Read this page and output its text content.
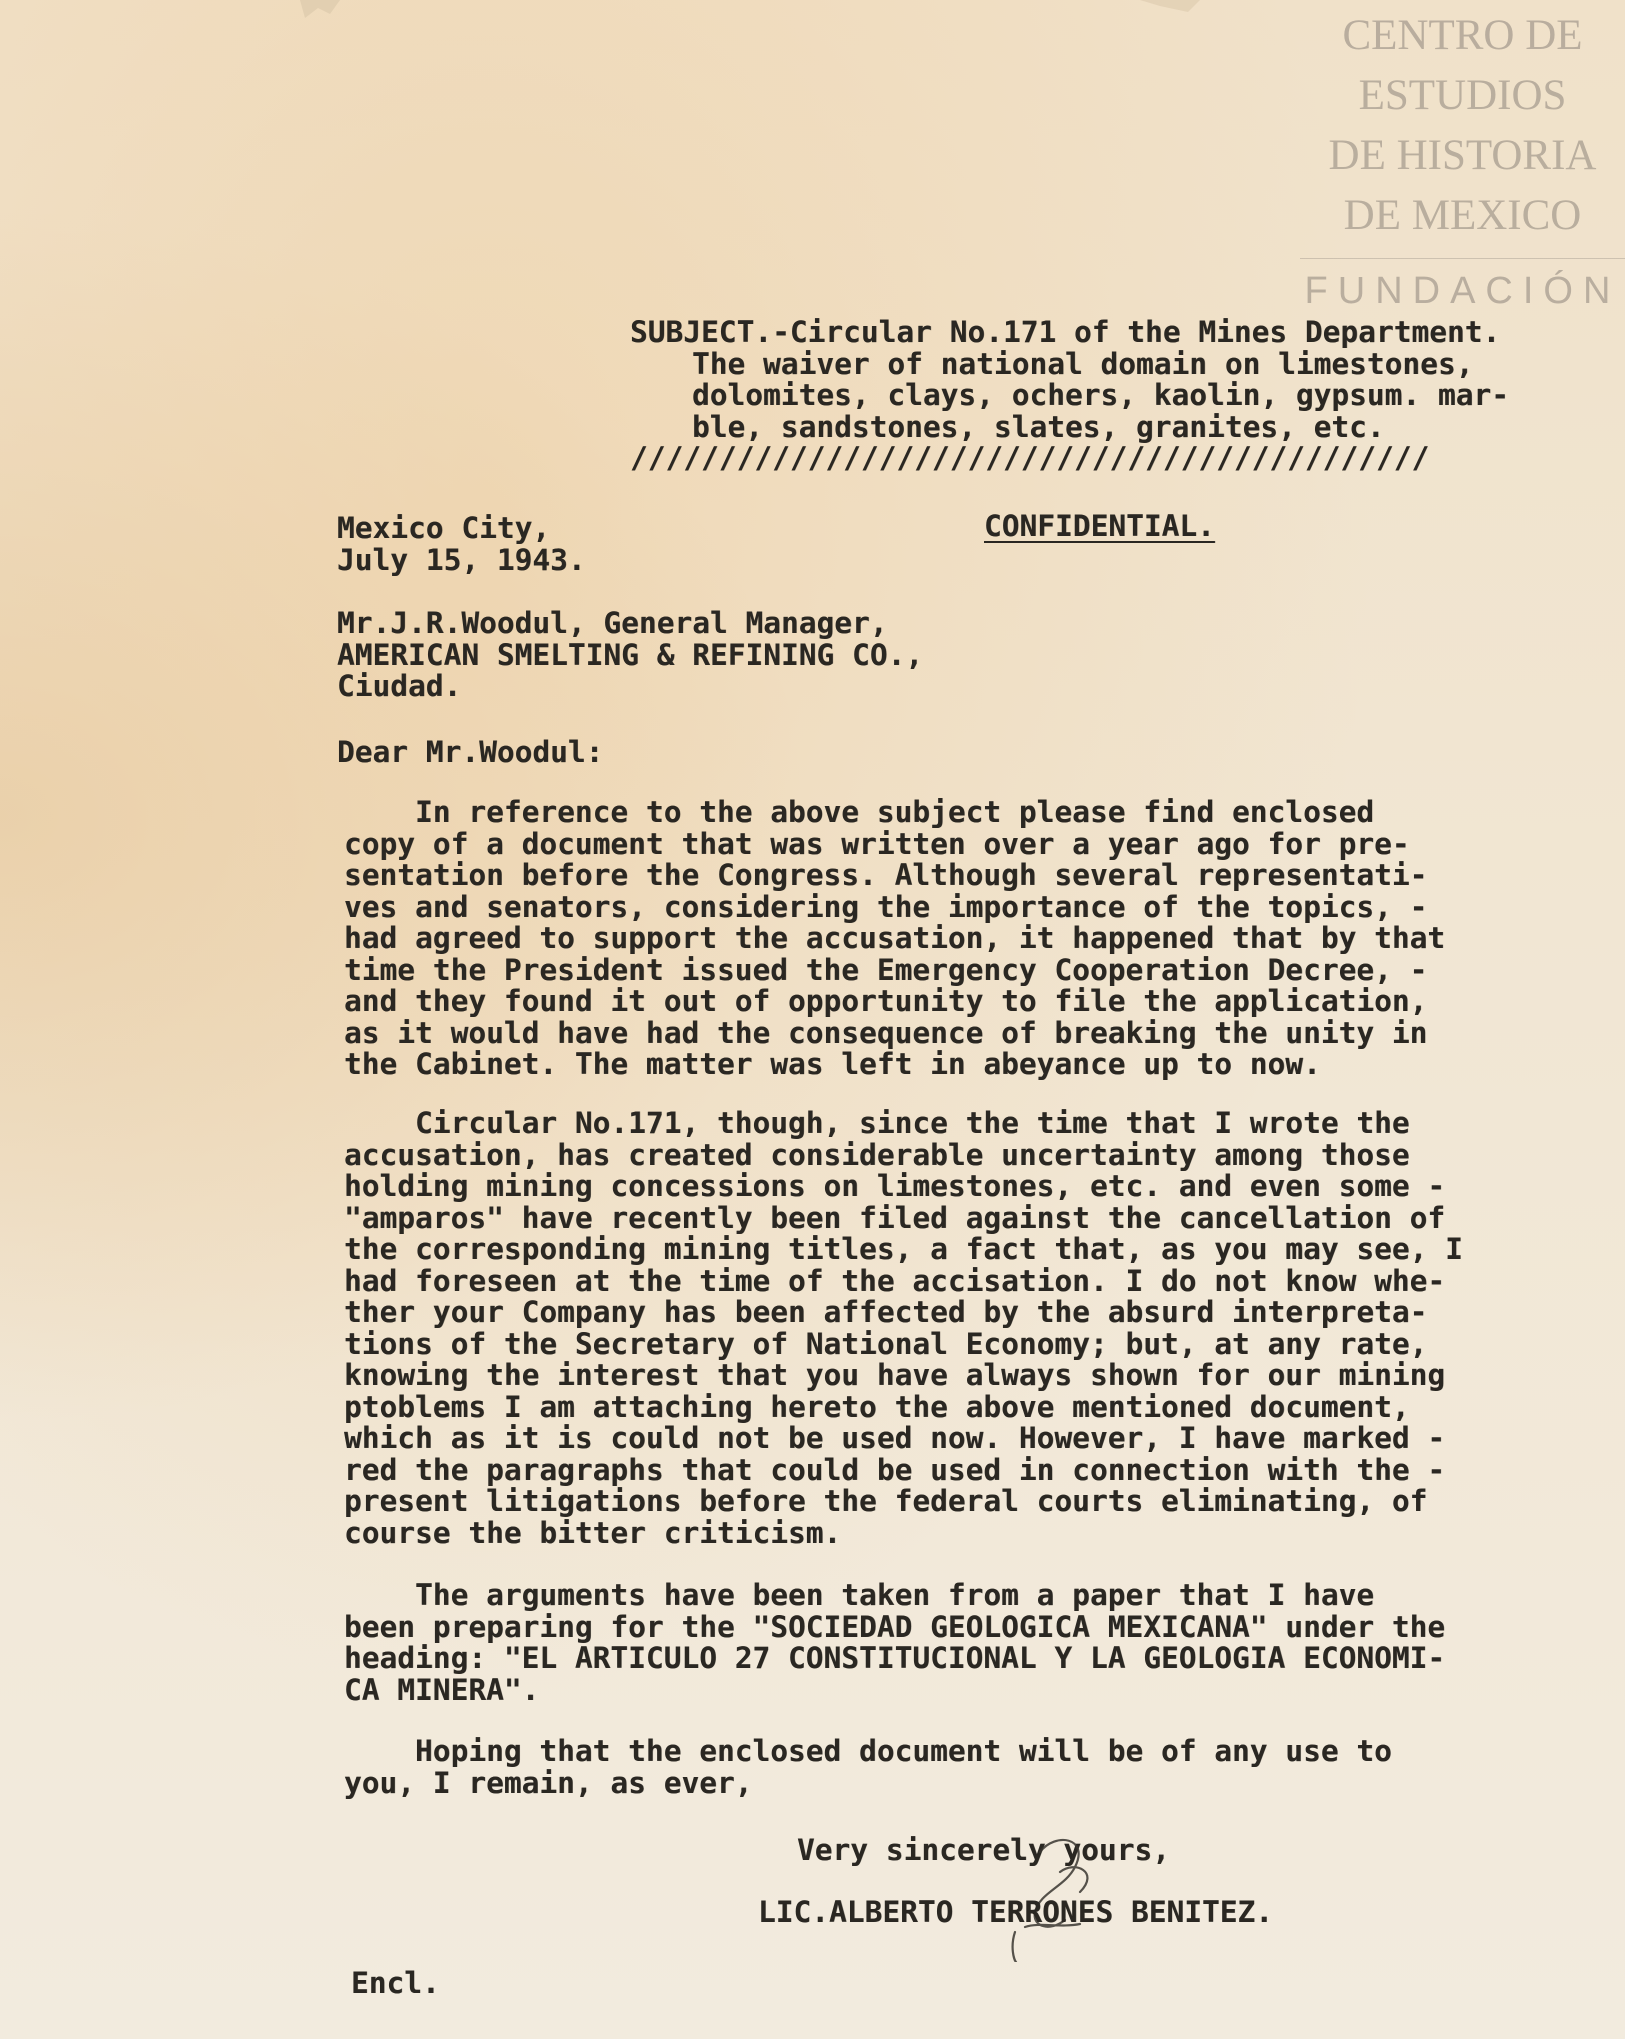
CENTRO DE
ESTUDIOS
DE HISTORIA
DE MEXICO
FUNDACIÓN
SUBJECT.-Circular No.171 of the Mines Department.
The waiver of national domain on limestones,
dolomites, clays, ochers, kaolin, gypsum. mar-
ble, sandstones, slates, granites, etc.
/////////////////////////////////////////////
Mexico City,
July 15, 1943.
CONFIDENTIAL.
Mr.J.R.Woodul, General Manager,
AMERICAN SMELTING & REFINING CO.,
Ciudad.
Dear Mr.Woodul:
In reference to the above subject please find enclosed
copy of a document that was written over a year ago for pre-
sentation before the Congress. Although several representati-
ves and senators, considering the importance of the topics, -
had agreed to support the accusation, it happened that by that
time the President issued the Emergency Cooperation Decree, -
and they found it out of opportunity to file the application,
as it would have had the consequence of breaking the unity in
the Cabinet. The matter was left in abeyance up to now.
Circular No.171, though, since the time that I wrote the
accusation, has created considerable uncertainty among those
holding mining concessions on limestones, etc. and even some -
"amparos" have recently been filed against the cancellation of
the corresponding mining titles, a fact that, as you may see, I
had foreseen at the time of the accisation. I do not know whe-
ther your Company has been affected by the absurd interpreta-
tions of the Secretary of National Economy; but, at any rate,
knowing the interest that you have always shown for our mining
ptoblems I am attaching hereto the above mentioned document,
which as it is could not be used now. However, I have marked -
red the paragraphs that could be used in connection with the -
present litigations before the federal courts eliminating, of
course the bitter criticism.
The arguments have been taken from a paper that I have
been preparing for the "SOCIEDAD GEOLOGICA MEXICANA" under the
heading: "EL ARTICULO 27 CONSTITUCIONAL Y LA GEOLOGIA ECONOMI-
CA MINERA".
Hoping that the enclosed document will be of any use to
you, I remain, as ever,
Very sincerely yours,
LIC.ALBERTO TERRONES BENITEZ.
Encl.
